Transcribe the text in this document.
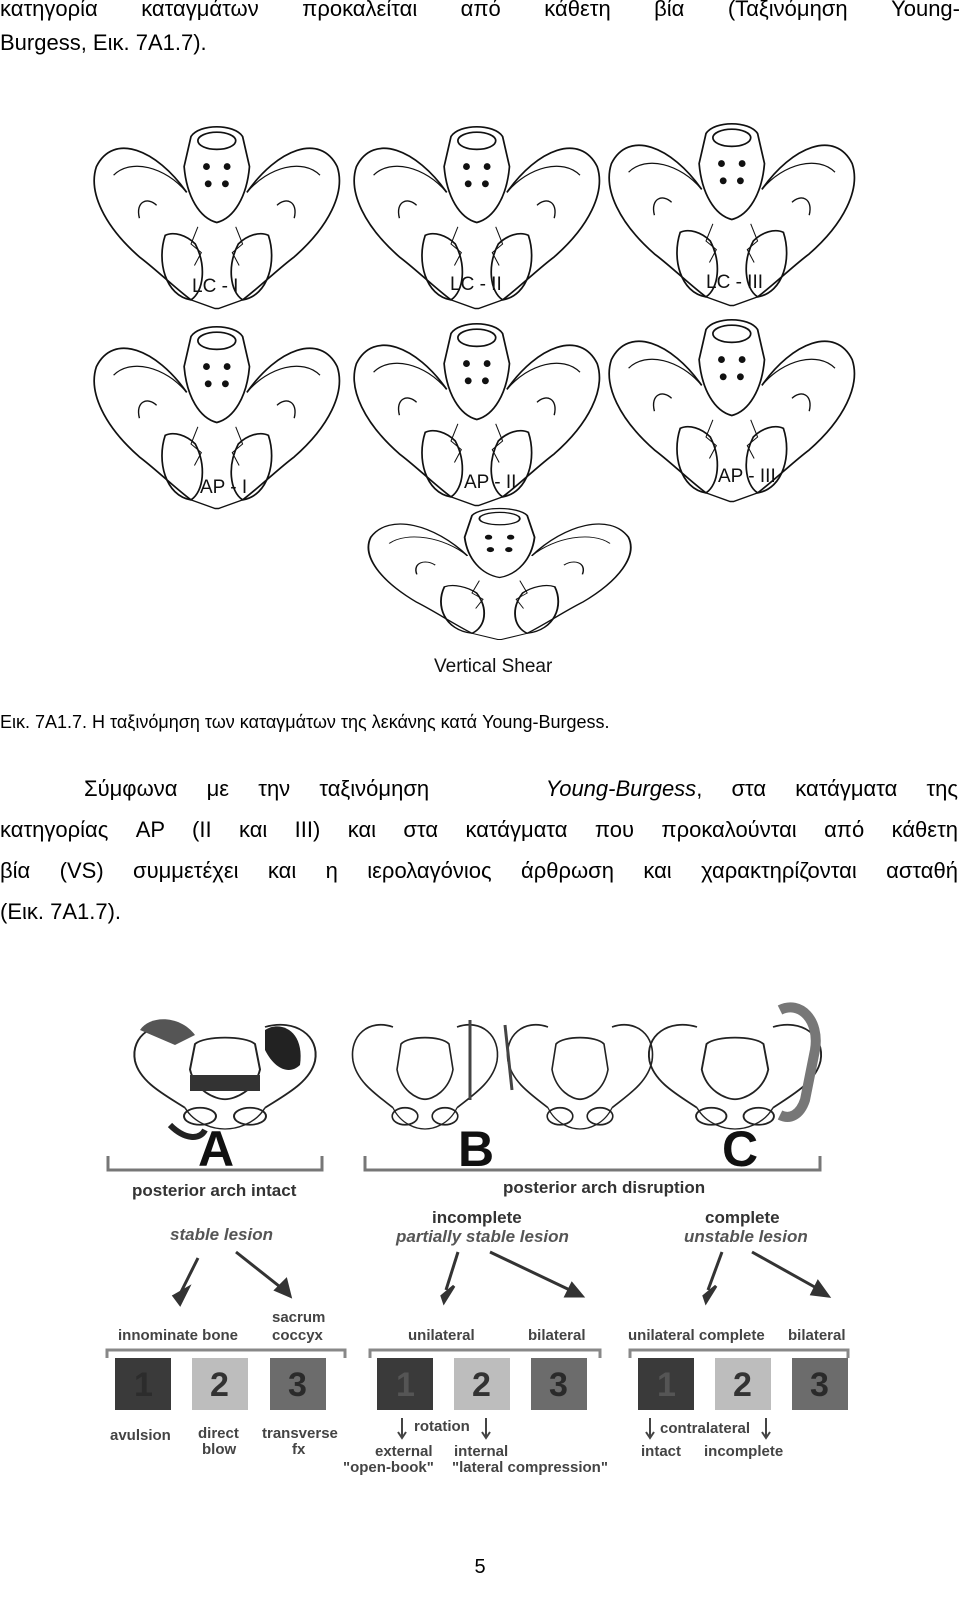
κατηγορία καταγμάτων προκαλείται από κάθετη βία (Ταξινόμηση Young-

Burgess, Εικ. 7Α1.7).

LC - I	LC - II	LC - III
AP - I	AP - II	AP - III
Vertical Shear
Εικ. 7Α1.7. Η ταξινόμηση των καταγμάτων της λεκάνης κατά Young-Burgess.

Σύμφωνα με την ταξινόμηση	Young-Burgess, στα κατάγματα της

κατηγορίας AP (II και III) και στα κατάγματα που προκαλούνται από κάθετη

βία (VS) συμμετέχει και η ιερολαγόνιος άρθρωση και χαρακτηρίζονται ασταθή

(Εικ. 7Α1.7).

A	B	C
posterior arch intact	posterior arch disruption
stable lesion
incomplete
partially stable lesion
complete
unstable lesion
innominate bone
sacrum
coccyx	unilateral	bilateral	unilateral complete bilateral
1 2 3	1 2 3	1 2 3
avulsion direct
blow
transverse
fx
rotation
external internal
"open-book" "lateral compression"
contralateral
intact incomplete
5
